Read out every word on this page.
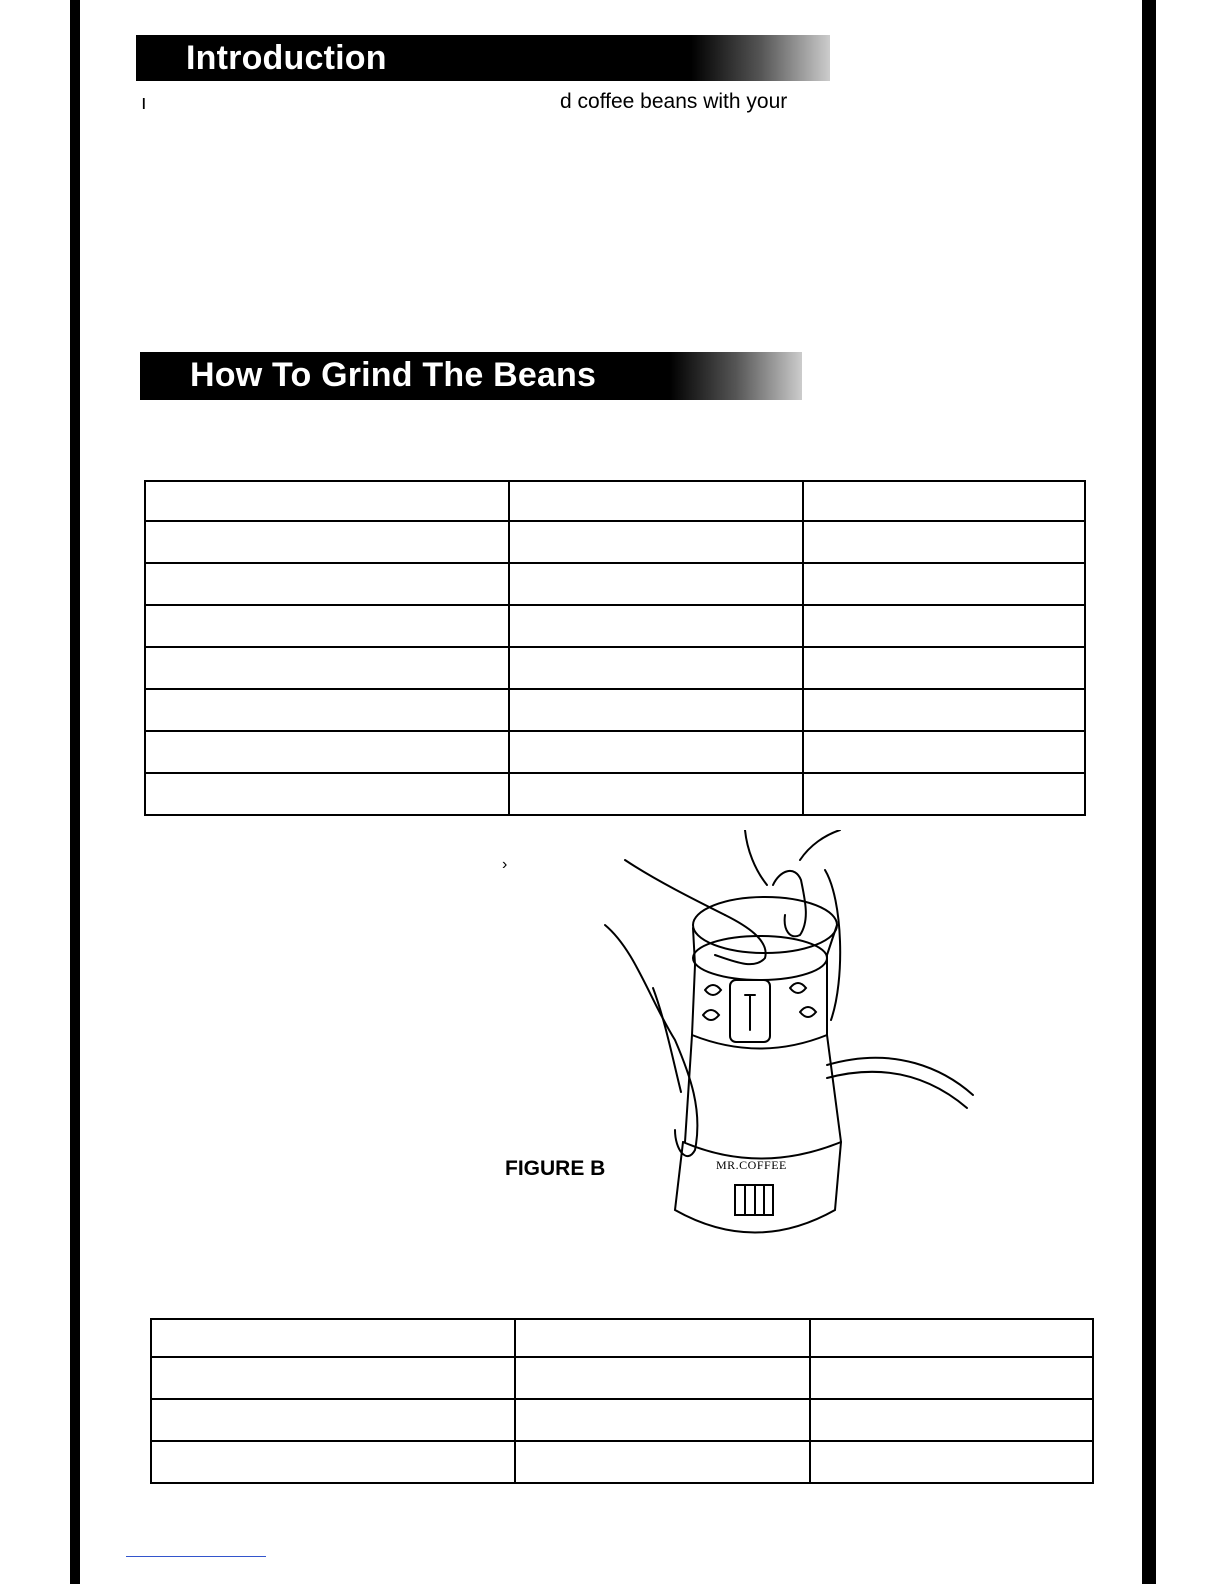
Introduction
ı	d coffee beans with your
How To Grind The Beans

›
MR.COFFEE
FIGURE B
